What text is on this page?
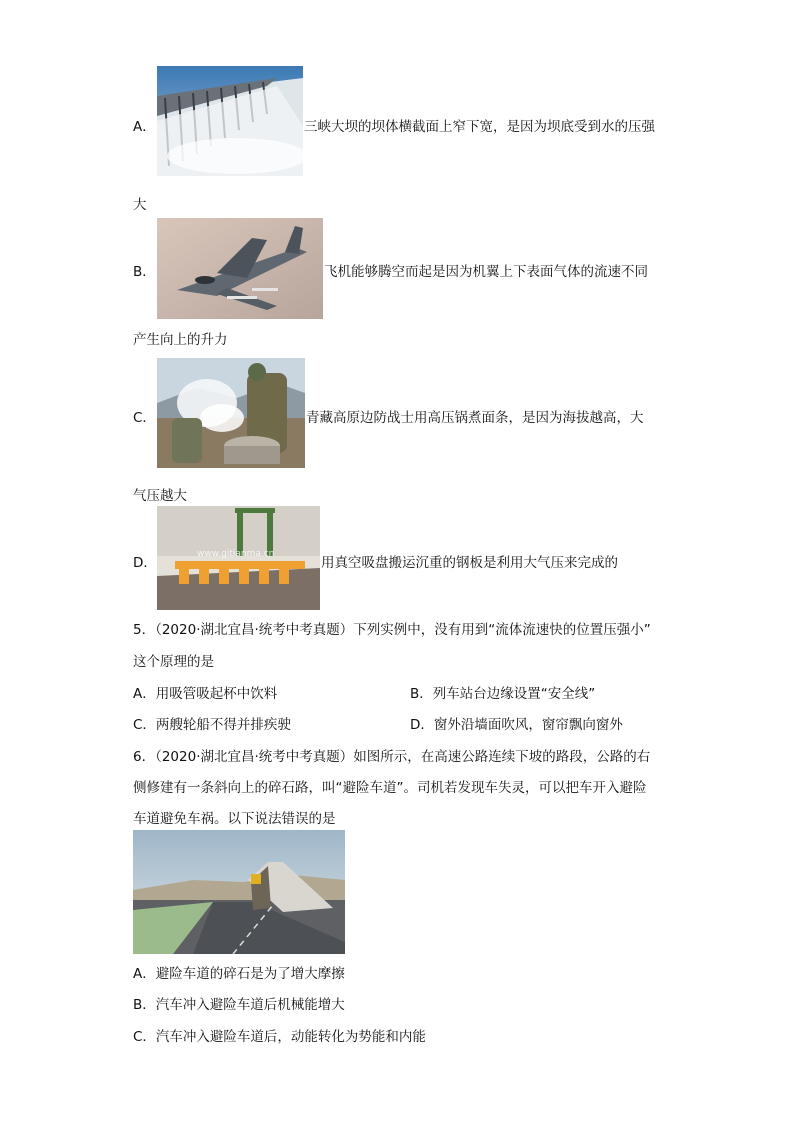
A．	三峡大坝的坝体横截面上窄下宽，是因为坝底受到水的压强
大
B．	飞机能够腾空而起是因为机翼上下表面气体的流速不同
产生向上的升力
C．	青藏高原边防战士用高压锅煮面条，是因为海拔越高，大
气压越大
D．
www.gitianma.cn
用真空吸盘搬运沉重的钢板是利用大气压来完成的
5．（2020·湖北宜昌·统考中考真题）下列实例中，没有用到“流体流速快的位置压强小”
这个原理的是
A．用吸管吸起杯中饮料	B．列车站台边缘设置“安全线”
C．两艘轮船不得并排疾驶	D．窗外沿墙面吹风，窗帘飘向窗外
6．（2020·湖北宜昌·统考中考真题）如图所示，在高速公路连续下坡的路段，公路的右
侧修建有一条斜向上的碎石路，叫“避险车道”。司机若发现车失灵，可以把车开入避险
车道避免车祸。以下说法错误的是
A．避险车道的碎石是为了增大摩擦
B．汽车冲入避险车道后机械能增大
C．汽车冲入避险车道后，动能转化为势能和内能
